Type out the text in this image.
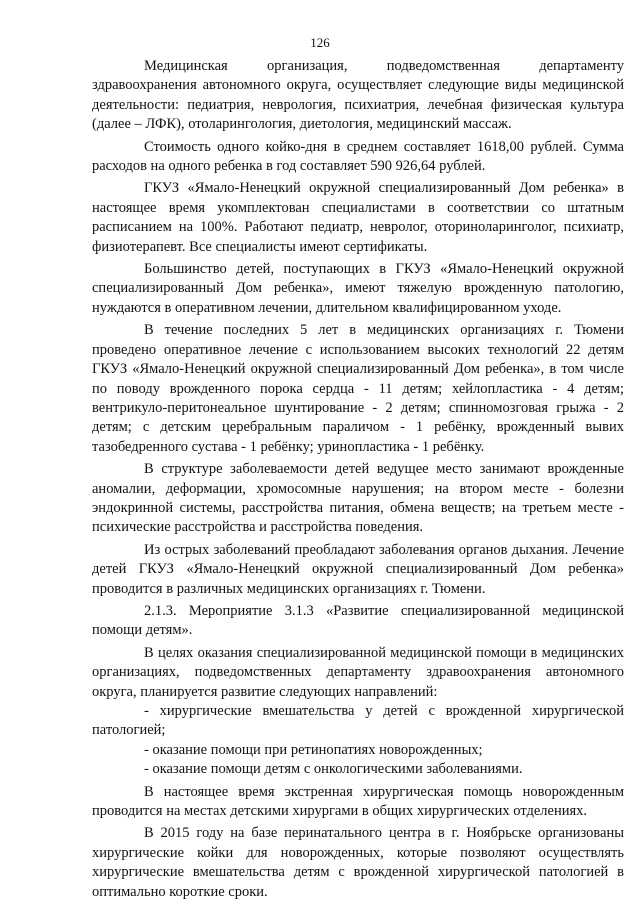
126

Медицинская организация, подведомственная департаменту здравоохранения автономного округа, осуществляет следующие виды медицинской деятельности: педиатрия, неврология, психиатрия, лечебная физическая культура (далее – ЛФК), отоларингология, диетология, медицинский массаж.

Стоимость одного койко-дня в среднем составляет 1618,00 рублей. Сумма расходов на одного ребенка в год составляет 590 926,64 рублей.

ГКУЗ «Ямало-Ненецкий окружной специализированный Дом ребенка» в настоящее время укомплектован специалистами в соответствии со штатным расписанием на 100%. Работают педиатр, невролог, оториноларинголог, психиатр, физиотерапевт. Все специалисты имеют сертификаты.

Большинство детей, поступающих в ГКУЗ «Ямало-Ненецкий окружной специализированный Дом ребенка», имеют тяжелую врожденную патологию, нуждаются в оперативном лечении, длительном квалифицированном уходе.

В течение последних 5 лет в медицинских организациях г. Тюмени проведено оперативное лечение с использованием высоких технологий 22 детям ГКУЗ «Ямало-Ненецкий окружной специализированный Дом ребенка», в том числе по поводу врожденного порока сердца - 11 детям; хейлопластика - 4 детям; вентрикуло-перитонеальное шунтирование - 2 детям; спинномозговая грыжа - 2 детям; с детским церебральным параличом - 1 ребёнку, врожденный вывих тазобедренного сустава - 1 ребёнку; уринопластика - 1 ребёнку.

В структуре заболеваемости детей ведущее место занимают врожденные аномалии, деформации, хромосомные нарушения; на втором месте - болезни эндокринной системы, расстройства питания, обмена веществ; на третьем месте - психические расстройства и расстройства поведения.

Из острых заболеваний преобладают заболевания органов дыхания. Лечение детей ГКУЗ «Ямало-Ненецкий окружной специализированный Дом ребенка» проводится в различных медицинских организациях г. Тюмени.

2.1.3. Мероприятие 3.1.3 «Развитие специализированной медицинской помощи детям».

В целях оказания специализированной медицинской помощи в медицинских организациях, подведомственных департаменту здравоохранения автономного округа, планируется развитие следующих направлений:

- хирургические вмешательства у детей с врожденной хирургической патологией;

- оказание помощи при ретинопатиях новорожденных;

- оказание помощи детям с онкологическими заболеваниями.

В настоящее время экстренная хирургическая помощь новорожденным проводится на местах детскими хирургами в общих хирургических отделениях.

В 2015 году на базе перинатального центра в г. Ноябрьске организованы хирургические койки для новорожденных, которые позволяют осуществлять хирургические вмешательства детям с врожденной хирургической патологией в оптимально короткие сроки.
